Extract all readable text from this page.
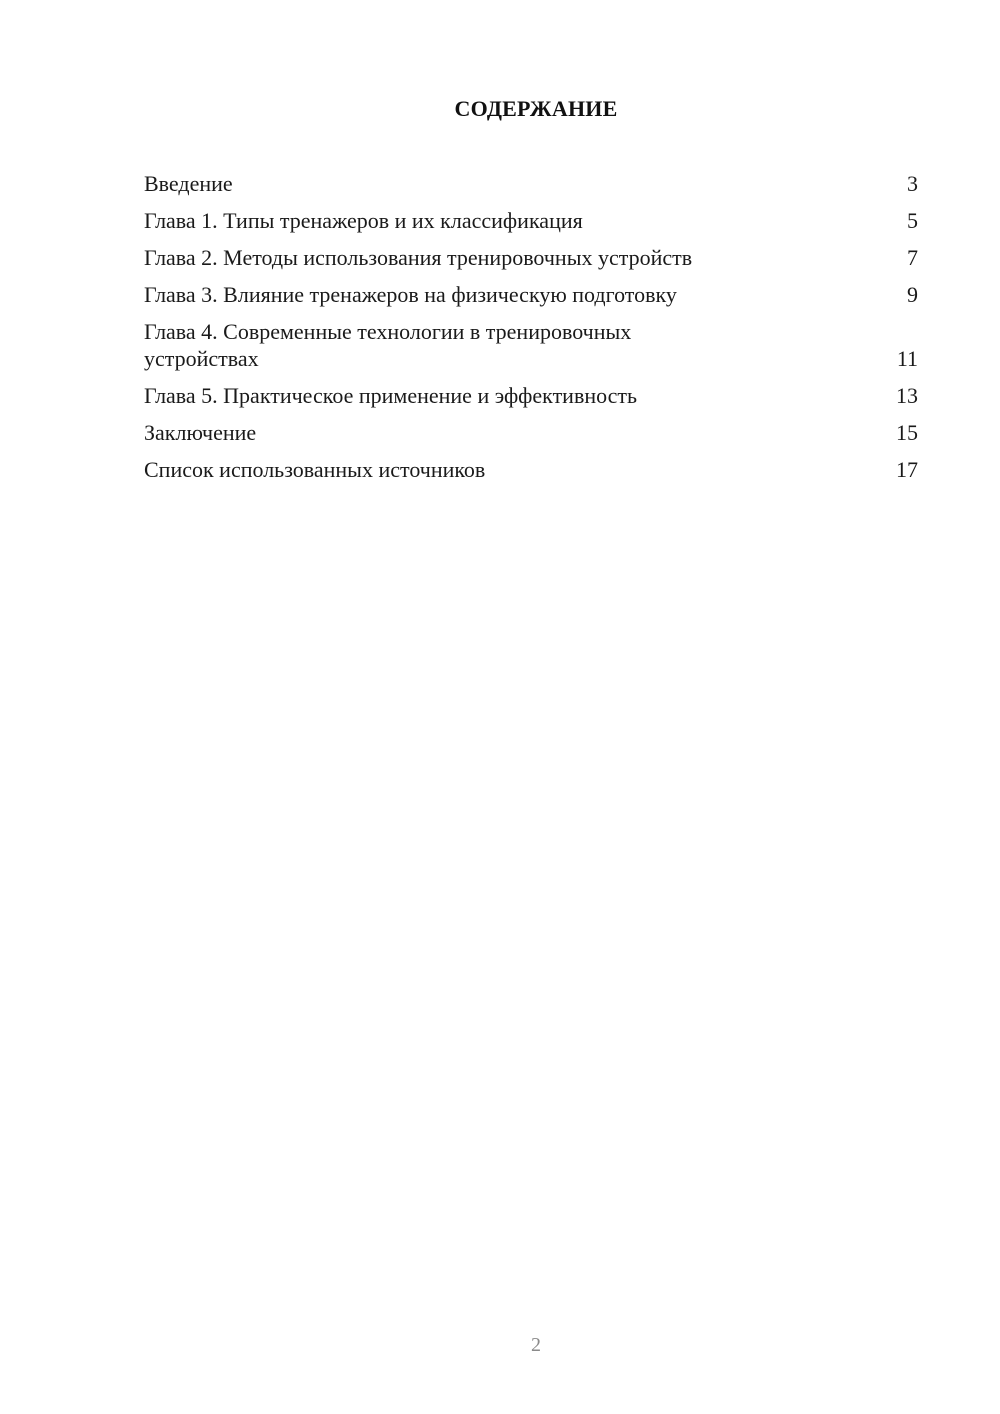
СОДЕРЖАНИЕ
Введение	3
Глава 1. Типы тренажеров и их классификация	5
Глава 2. Методы использования тренировочных устройств	7
Глава 3. Влияние тренажеров на физическую подготовку	9
Глава 4. Современные технологии в тренировочных устройствах	11
Глава 5. Практическое применение и эффективность	13
Заключение	15
Список использованных источников	17
2
